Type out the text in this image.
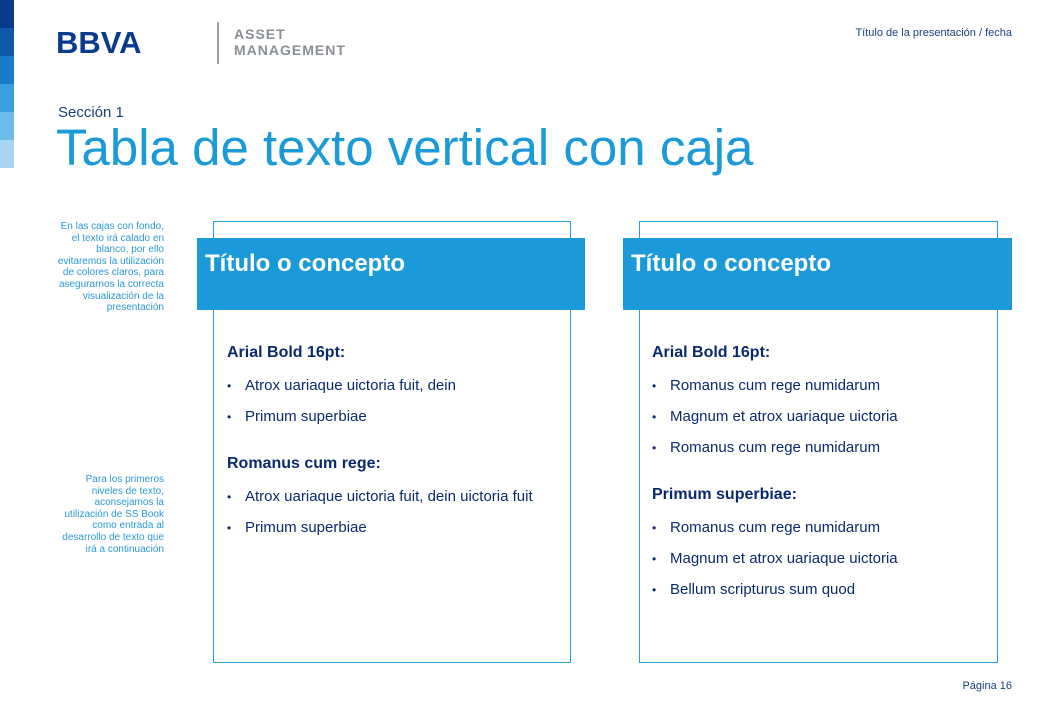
BBVA	ASSET
MANAGEMENT
Título de la presentación / fecha
Sección 1
Tabla de texto vertical con caja
En las cajas con fondo, el texto irá calado en blanco, por ello evitaremos la utilización de colores claros, para asegurarnos la correcta visualización de la presentación
Para los primeros niveles de texto, aconsejamos la utilización de SS Book como entrada al desarrollo de texto que irá a continuación
Título o concepto
Arial Bold 16pt:
• Atrox uariaque uictoria fuit, dein
• Primum superbiae
Romanus cum rege:
• Atrox uariaque uictoria fuit, dein uictoria fuit
• Primum superbiae
Título o concepto
Arial Bold 16pt:
• Romanus cum rege numidarum
• Magnum et atrox uariaque uictoria
• Romanus cum rege numidarum
Primum superbiae:
• Romanus cum rege numidarum
• Magnum et atrox uariaque uictoria
• Bellum scripturus sum quod
Página 16
